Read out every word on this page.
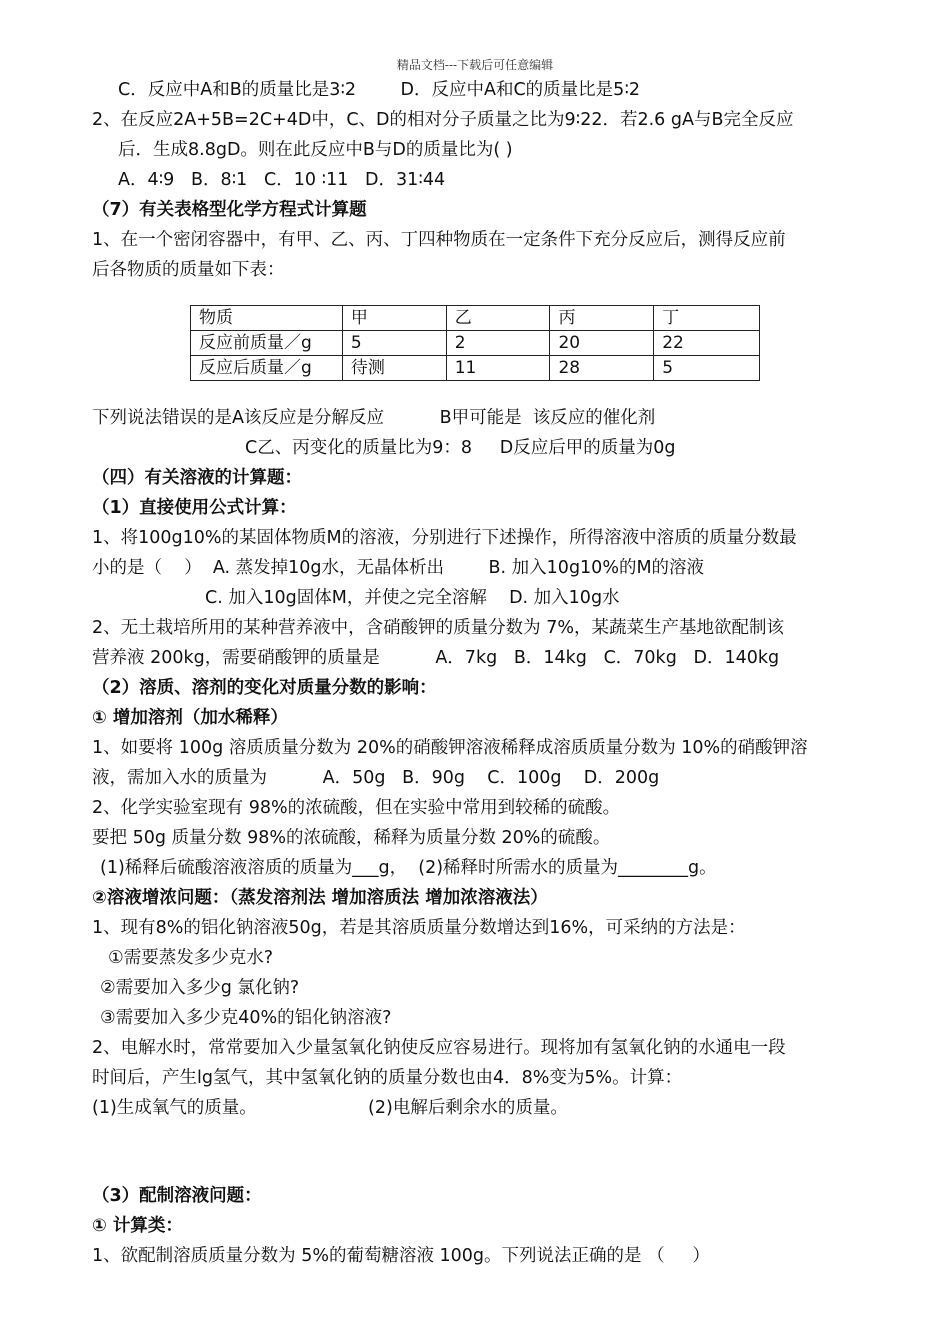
精品文档---下载后可任意编辑
C．反应中A和B的质量比是3∶2        D．反应中A和C的质量比是5∶2
2、在反应2A+5B=2C+4D中，C、D的相对分子质量之比为9∶22．若2.6 gA与B完全反应
后．生成8.8gD。则在此反应中B与D的质量比为( )
A．4∶9   B．8∶1   C．10 ∶11   D．31∶44
（7）有关表格型化学方程式计算题
1、在一个密闭容器中，有甲、乙、丙、丁四种物质在一定条件下充分反应后，测得反应前
后各物质的质量如下表：
物质	甲	乙	丙	丁
反应前质量／g	5	2	20	22
反应后质量／g	待测	11	28	5
下列说法错误的是A该反应是分解反应          B甲可能是  该反应的催化剂
C乙、丙变化的质量比为9：8     D反应后甲的质量为0g
（四）有关溶液的计算题：
（1）直接使用公式计算：
1、将100g10%的某固体物质M的溶液，分别进行下述操作，所得溶液中溶质的质量分数最
小的是（    ）  A. 蒸发掉10g水，无晶体析出        B. 加入10g10%的M的溶液
C. 加入10g固体M，并使之完全溶解    D. 加入10g水
2、无土栽培所用的某种营养液中，含硝酸钾的质量分数为 7%，某蔬菜生产基地欲配制该
营养液 200kg，需要硝酸钾的质量是          A．7kg   B．14kg   C．70kg   D．140kg
（2）溶质、溶剂的变化对质量分数的影响：
① 增加溶剂（加水稀释）
1、如要将 100g 溶质质量分数为 20%的硝酸钾溶液稀释成溶质质量分数为 10%的硝酸钾溶
液，需加入水的质量为          A．50g   B．90g    C．100g    D．200g
2、化学实验室现有 98%的浓硫酸，但在实验中常用到较稀的硫酸。
要把 50g 质量分数 98%的浓硫酸，稀释为质量分数 20%的硫酸。
(1)稀释后硫酸溶液溶质的质量为___g，  (2)稀释时所需水的质量为________g。
②溶液增浓问题：（蒸发溶剂法 增加溶质法 增加浓溶液法）
1、现有8%的铝化钠溶液50g，若是其溶质质量分数增达到16%，可采纳的方法是：
①需要蒸发多少克水?
②需要加入多少g 氯化钠?
③需要加入多少克40%的铝化钠溶液?
2、电解水时，常常要加入少量氢氧化钠使反应容易进行。现将加有氢氧化钠的水通电一段
时间后，产生lg氢气，其中氢氧化钠的质量分数也由4．8%变为5%。计算：
(1)生成氧气的质量。                    (2)电解后剩余水的质量。
（3）配制溶液问题：
① 计算类：
1、欲配制溶质质量分数为 5%的葡萄糖溶液 100g。下列说法正确的是 （     ）
